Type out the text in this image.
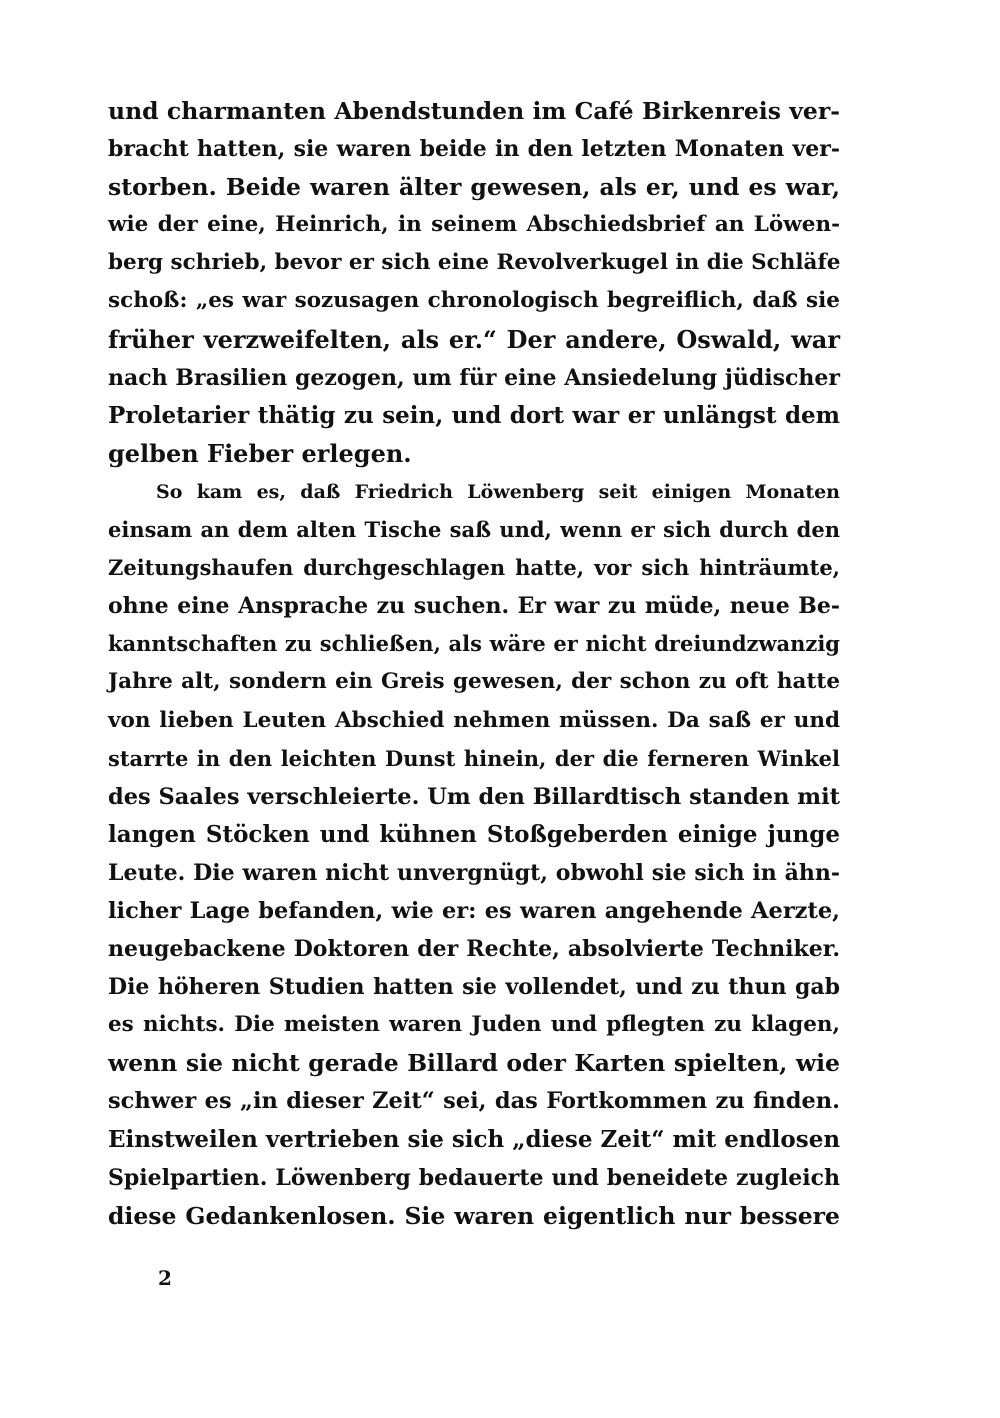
und charmanten Abendstunden im Café Birkenreis ver-
bracht hatten, sie waren beide in den letzten Monaten ver-
storben. Beide waren älter gewesen, als er, und es war,
wie der eine, Heinrich, in seinem Abschiedsbrief an Löwen-
berg schrieb, bevor er sich eine Revolverkugel in die Schläfe
schoß: „es war sozusagen chronologisch begreiflich, daß sie
früher verzweifelten, als er.“ Der andere, Oswald, war
nach Brasilien gezogen, um für eine Ansiedelung jüdischer
Proletarier thätig zu sein, und dort war er unlängst dem
gelben Fieber erlegen.
So kam es, daß Friedrich Löwenberg seit einigen Monaten
einsam an dem alten Tische saß und, wenn er sich durch den
Zeitungshaufen durchgeschlagen hatte, vor sich hinträumte,
ohne eine Ansprache zu suchen. Er war zu müde, neue Be-
kanntschaften zu schließen, als wäre er nicht dreiundzwanzig
Jahre alt, sondern ein Greis gewesen, der schon zu oft hatte
von lieben Leuten Abschied nehmen müssen. Da saß er und
starrte in den leichten Dunst hinein, der die ferneren Winkel
des Saales verschleierte. Um den Billardtisch standen mit
langen Stöcken und kühnen Stoßgeberden einige junge
Leute. Die waren nicht unvergnügt, obwohl sie sich in ähn-
licher Lage befanden, wie er: es waren angehende Aerzte,
neugebackene Doktoren der Rechte, absolvierte Techniker.
Die höheren Studien hatten sie vollendet, und zu thun gab
es nichts. Die meisten waren Juden und pflegten zu klagen,
wenn sie nicht gerade Billard oder Karten spielten, wie
schwer es „in dieser Zeit“ sei, das Fortkommen zu finden.
Einstweilen vertrieben sie sich „diese Zeit“ mit endlosen
Spielpartien. Löwenberg bedauerte und beneidete zugleich
diese Gedankenlosen. Sie waren eigentlich nur bessere
2
